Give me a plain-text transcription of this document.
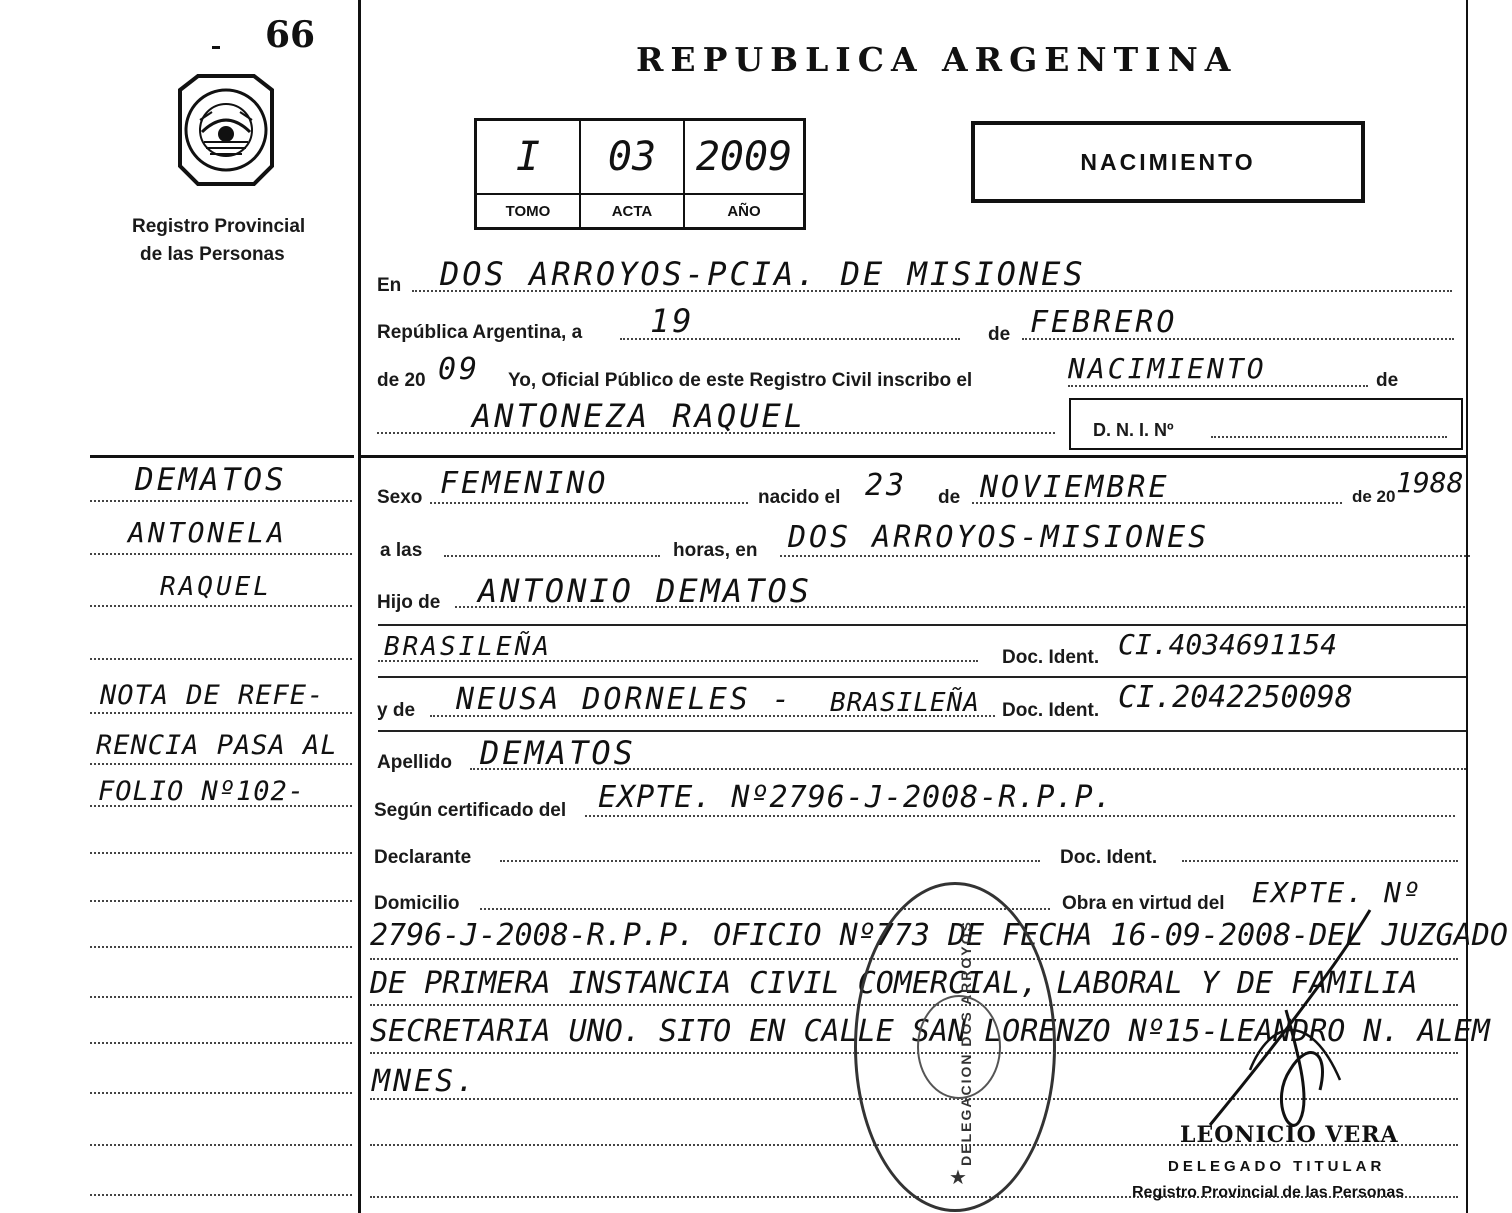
66
Registro Provincial
de las Personas
DEMATOS
ANTONELA
RAQUEL
NOTA DE REFE-
RENCIA PASA AL
FOLIO Nº102-
REPUBLICA ARGENTINA
I	03 2009
TOMO	ACTA	AÑO
NACIMIENTO
En DOS ARROYOS-PCIA. DE MISIONES
República Argentina, a 19	de FEBRERO
de 20 09 Yo, Oficial Público de este Registro Civil inscribo el	NACIMIENTO	de
ANTONEZA RAQUEL	D. N. I. Nº
Sexo FEMENINO	nacido el 23 de NOVIEMBRE	de 20 1988
a las	horas, en DOS ARROYOS-MISIONES
Hijo de ANTONIO DEMATOS
BRASILEÑA	Doc. Ident. CI.4034691154
y de NEUSA DORNELES - BRASILEÑA Doc. Ident. CI.2042250098
Apellido DEMATOS
Según certificado del EXPTE. Nº2796-J-2008-R.P.P.
Declarante	Doc. Ident.
Domicilio	Obra en virtud del EXPTE. Nº
2796-J-2008-R.P.P. OFICIO Nº773 DE FECHA 16-09-2008-DEL JUZGADO
DE PRIMERA INSTANCIA CIVIL COMERCIAL, LABORAL Y DE FAMILIA
SECRETARIA UNO. SITO EN CALLE SAN LORENZO Nº15-LEANDRO N. ALEM
MNES.	DELEGACION DOS ARROYOS
★
LEONICIO VERA
DELEGADO TITULAR
Registro Provincial de las Personas
